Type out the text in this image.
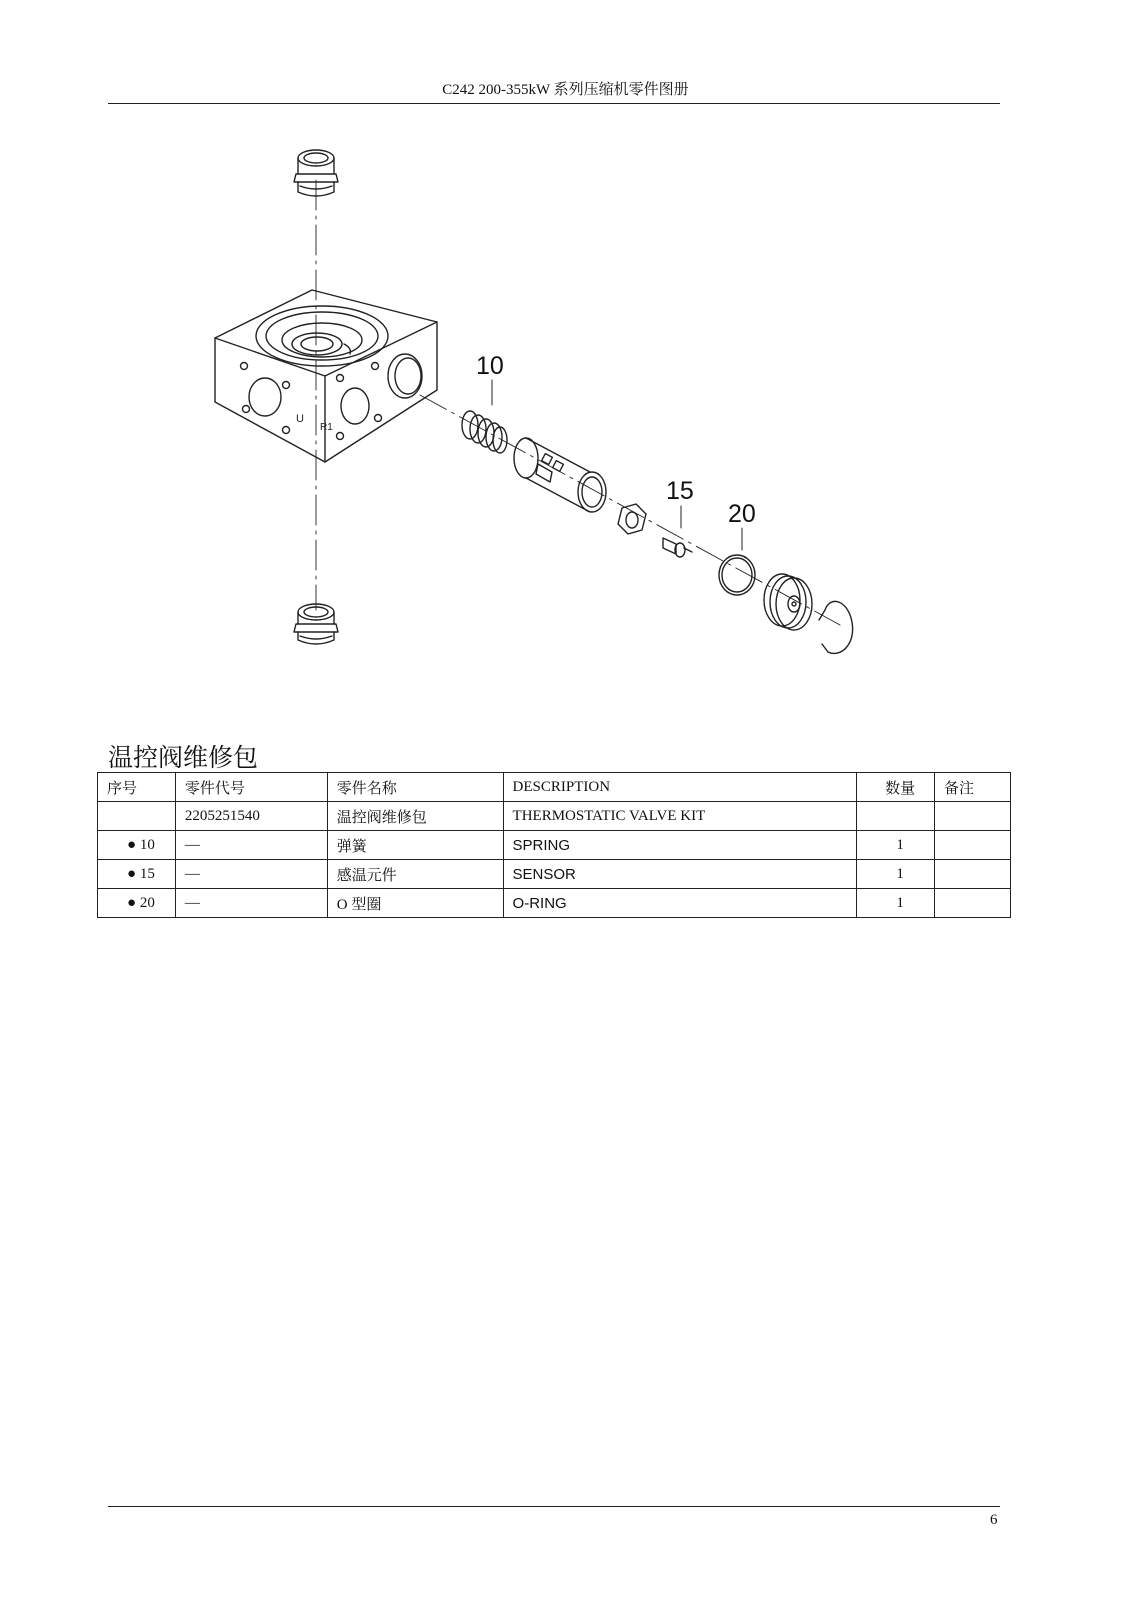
C242 200-355kW 系列压缩机零件图册
U
R1
10
15
20
温控阀维修包
序号	零件代号	零件名称	DESCRIPTION	数量	备注
	2205251540	温控阀维修包	THERMOSTATIC VALVE KIT		
● 10	—	弹簧	SPRING	1	
● 15	—	感温元件	SENSOR	1	
● 20	—	O 型圈	O-RING	1	
6
